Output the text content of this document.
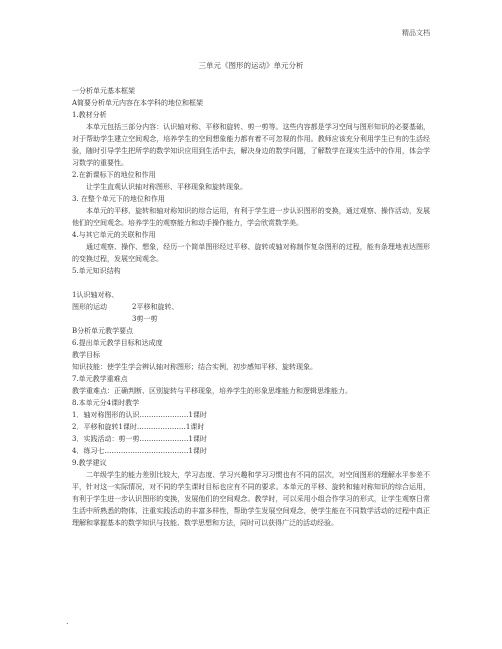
精品文档
三单元《图形的运动》单元分析
一分析单元基本框架
A简要分析单元内容在本学科的地位和框架
1.教材分析
本单元包括三部分内容：认识轴对称、平移和旋转、剪一剪等。这些内容都是学习空间与图形知识的必要基础，对于帮助学生建立空间观念，培养学生的空间想象能力都有着不可忽视的作用。教师应该充分利用学生已有的生活经验，随时引导学生把所学的数学知识应用到生活中去，解决身边的数学问题，了解数学在现实生活中的作用，体会学习数学的重要性。
2.在新课标下的地位和作用
让学生直观认识轴对称图形、平移现象和旋转现象。
3. 在整个单元下的地位和作用
本单元的平移、旋转和轴对称知识的综合运用，有利于学生进一步认识图形的变换，通过观察、操作活动，发展他们的空间观念。培养学生的观察能力和动手操作能力，学会欣赏数学美。
4.与其它单元的关联和作用
通过观察、操作、想象，经历一个简单图形经过平移、旋转或轴对称制作复杂图形的过程，能有条理地表达图形的变换过程，发展空间观念。
5.单元知识结构
1认识轴对称、
图形的运动	2平移和旋转、
3剪一剪
B分析单元教学要点
6.提出单元教学目标和达成度
教学目标
知识技能：使学生学会辨认轴对称图形；结合实例，初步感知平移、旋转现象。
7.单元教学重难点
教学重难点：正确判断、区别旋转与平移现象，培养学生的形象思维能力和逻辑思维能力。
8.本单元分4课时教学
1．轴对称图形的认识…………………1课时
2．平移和旋转1课时…………………1课时
3．实践活动：剪一剪…………………1课时
4．练习七………………………………1课时
9.教学建议
二年级学生的能力差别比较大，学习态度、学习兴趣和学习习惯也有不同的层次，对空间图形的理解水平参差不平，针对这一实际情况，对不同的学生课时目标也应有不同的要求。本单元的平移、旋转和轴对称知识的综合运用，有利于学生进一步认识图形的变换，发展他们的空间观念。教学时，可以采用小组合作学习的形式，让学生观察日常生活中所熟悉的物体，注重实践活动的丰富多样性，帮助学生发展空间观念，使学生能在不同数学活动的过程中真正理解和掌握基本的数学知识与技能、数学思想和方法，同时可以获得广泛的活动经验。
.
